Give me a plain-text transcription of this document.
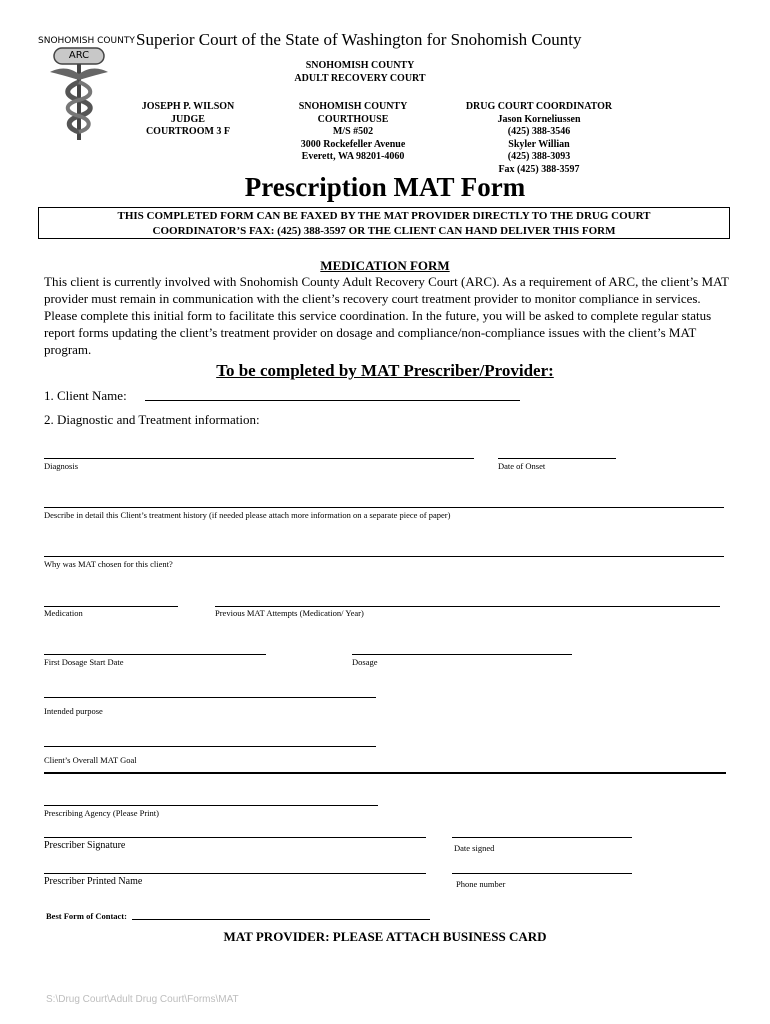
SNOHOMISH COUNTY
ARC
Superior Court of the State of Washington for Snohomish County
SNOHOMISH COUNTY
ADULT RECOVERY COURT
JOSEPH P. WILSON
JUDGE
COURTROOM 3 F
SNOHOMISH COUNTY
COURTHOUSE
M/S #502
3000 Rockefeller Avenue
Everett, WA 98201-4060
DRUG COURT COORDINATOR
Jason Korneliussen
(425) 388-3546
Skyler Willian
(425) 388-3093
Fax (425) 388-3597
Prescription MAT Form
THIS COMPLETED FORM CAN BE FAXED BY THE MAT PROVIDER DIRECTLY TO THE DRUG COURT
COORDINATOR’S FAX: (425) 388-3597 OR THE CLIENT CAN HAND DELIVER THIS FORM
MEDICATION FORM
This client is currently involved with Snohomish County Adult Recovery Court (ARC). As a requirement of ARC, the client’s MAT provider must remain in communication with the client’s recovery court treatment provider to monitor compliance in services. Please complete this initial form to facilitate this service coordination. In the future, you will be asked to complete regular status report forms updating the client’s treatment provider on dosage and compliance/non-compliance issues with the client’s MAT program.
To be completed by MAT Prescriber/Provider:
1. Client Name:
2. Diagnostic and Treatment information:
Diagnosis	Date of Onset
Describe in detail this Client’s treatment history (if needed please attach more information on a separate piece of paper)
Why was MAT chosen for this client?
Medication	Previous MAT Attempts (Medication/ Year)
First Dosage Start Date	Dosage
Intended purpose
Client’s Overall MAT Goal
Prescribing Agency (Please Print)
Prescriber Signature	Date signed
Prescriber Printed Name	Phone number
Best Form of Contact:
MAT PROVIDER: PLEASE ATTACH BUSINESS CARD
S:\Drug Court\Adult Drug Court\Forms\MAT
